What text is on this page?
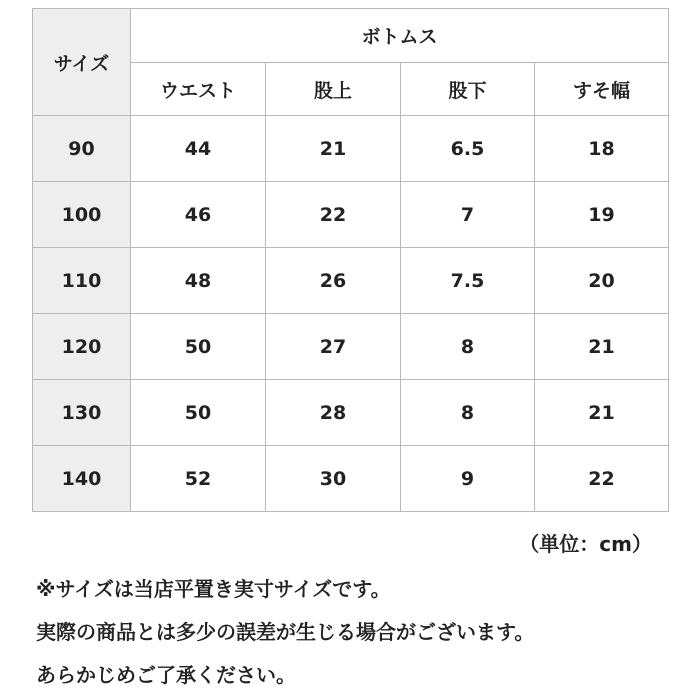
サイズ	ボトムス			
	ウエスト	股上	股下	すそ幅
90	44	21	6.5	18
100	46	22	7	19
110	48	26	7.5	20
120	50	27	8	21
130	50	28	8	21
140	52	30	9	22
（単位：cm）
※サイズは当店平置き実寸サイズです。
実際の商品とは多少の誤差が生じる場合がございます。
あらかじめご了承ください。
